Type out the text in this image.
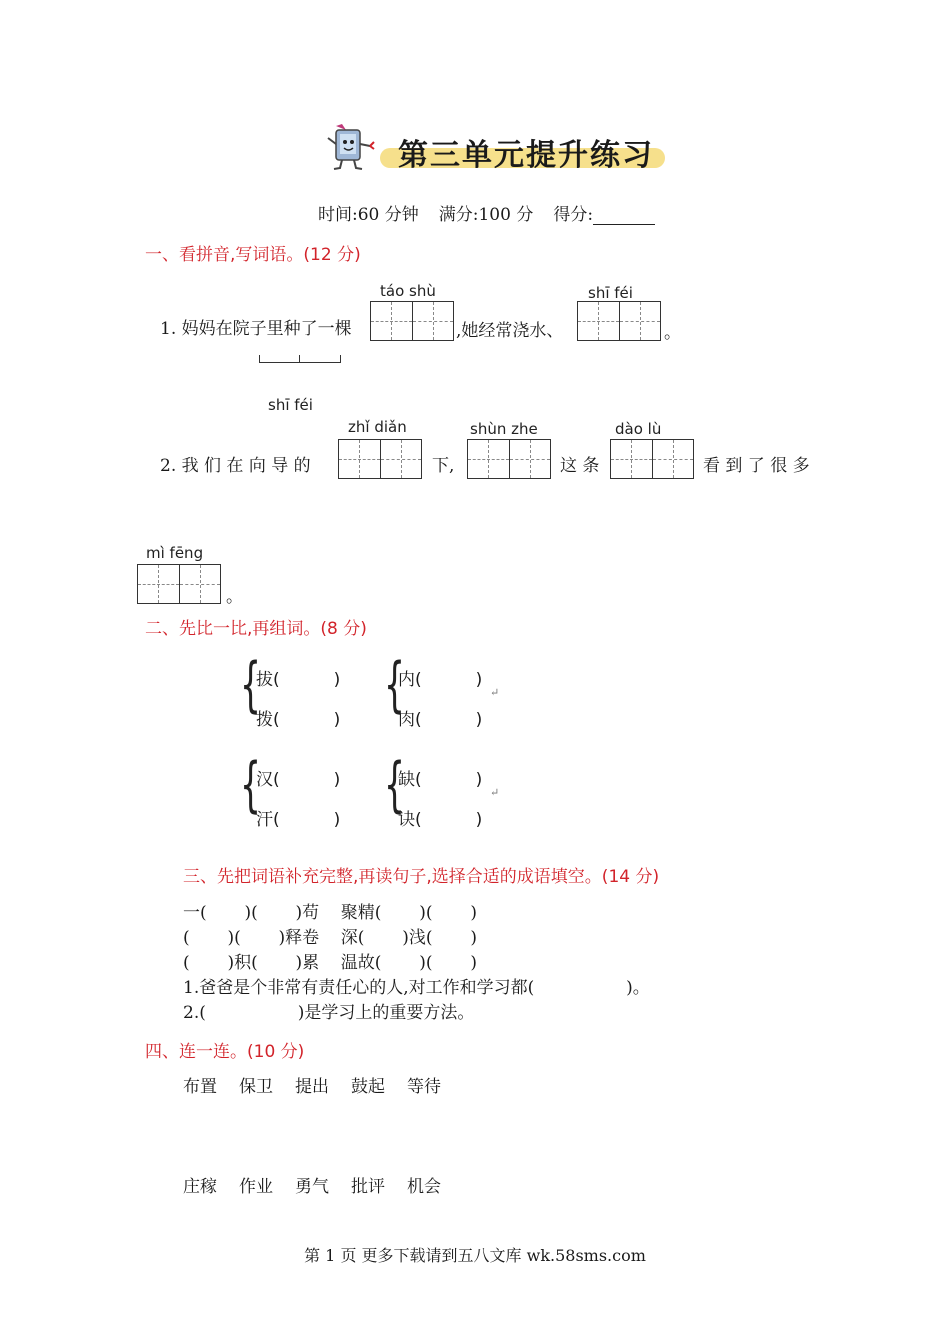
第三单元提升练习
时间:60 分钟 满分:100 分 得分:
一、看拼音,写词语。(12 分)
táo shù	shī féi
1. 妈妈在院子里种了一棵	,她经常浇水、	。
shī féi
zhǐ diǎn	shùn zhe	dào lù
2. 我 们 在 向 导 的	下,	这 条	看 到 了 很 多
mì fēng
。
二、先比一比,再组词。(8 分)
{
拔(          )
拨(          ) {
内(          )
肉(          )
↵
{
汉(          )
汗(          ) {
缺(          )
诀(          )
↵
三、先把词语补充完整,再读句子,选择合适的成语填空。(14 分)
一(       )(       )苟    聚精(       )(       )
(       )(       )释卷    深(       )浅(       )
(       )积(       )累    温故(       )(       )
1.爸爸是个非常有责任心的人,对工作和学习都(                 )。
2.(                 )是学习上的重要方法。
四、连一连。(10 分)
布置 保卫 提出 鼓起 等待
庄稼 作业 勇气 批评 机会
第 1 页 更多下载请到五八文库 wk.58sms.com
